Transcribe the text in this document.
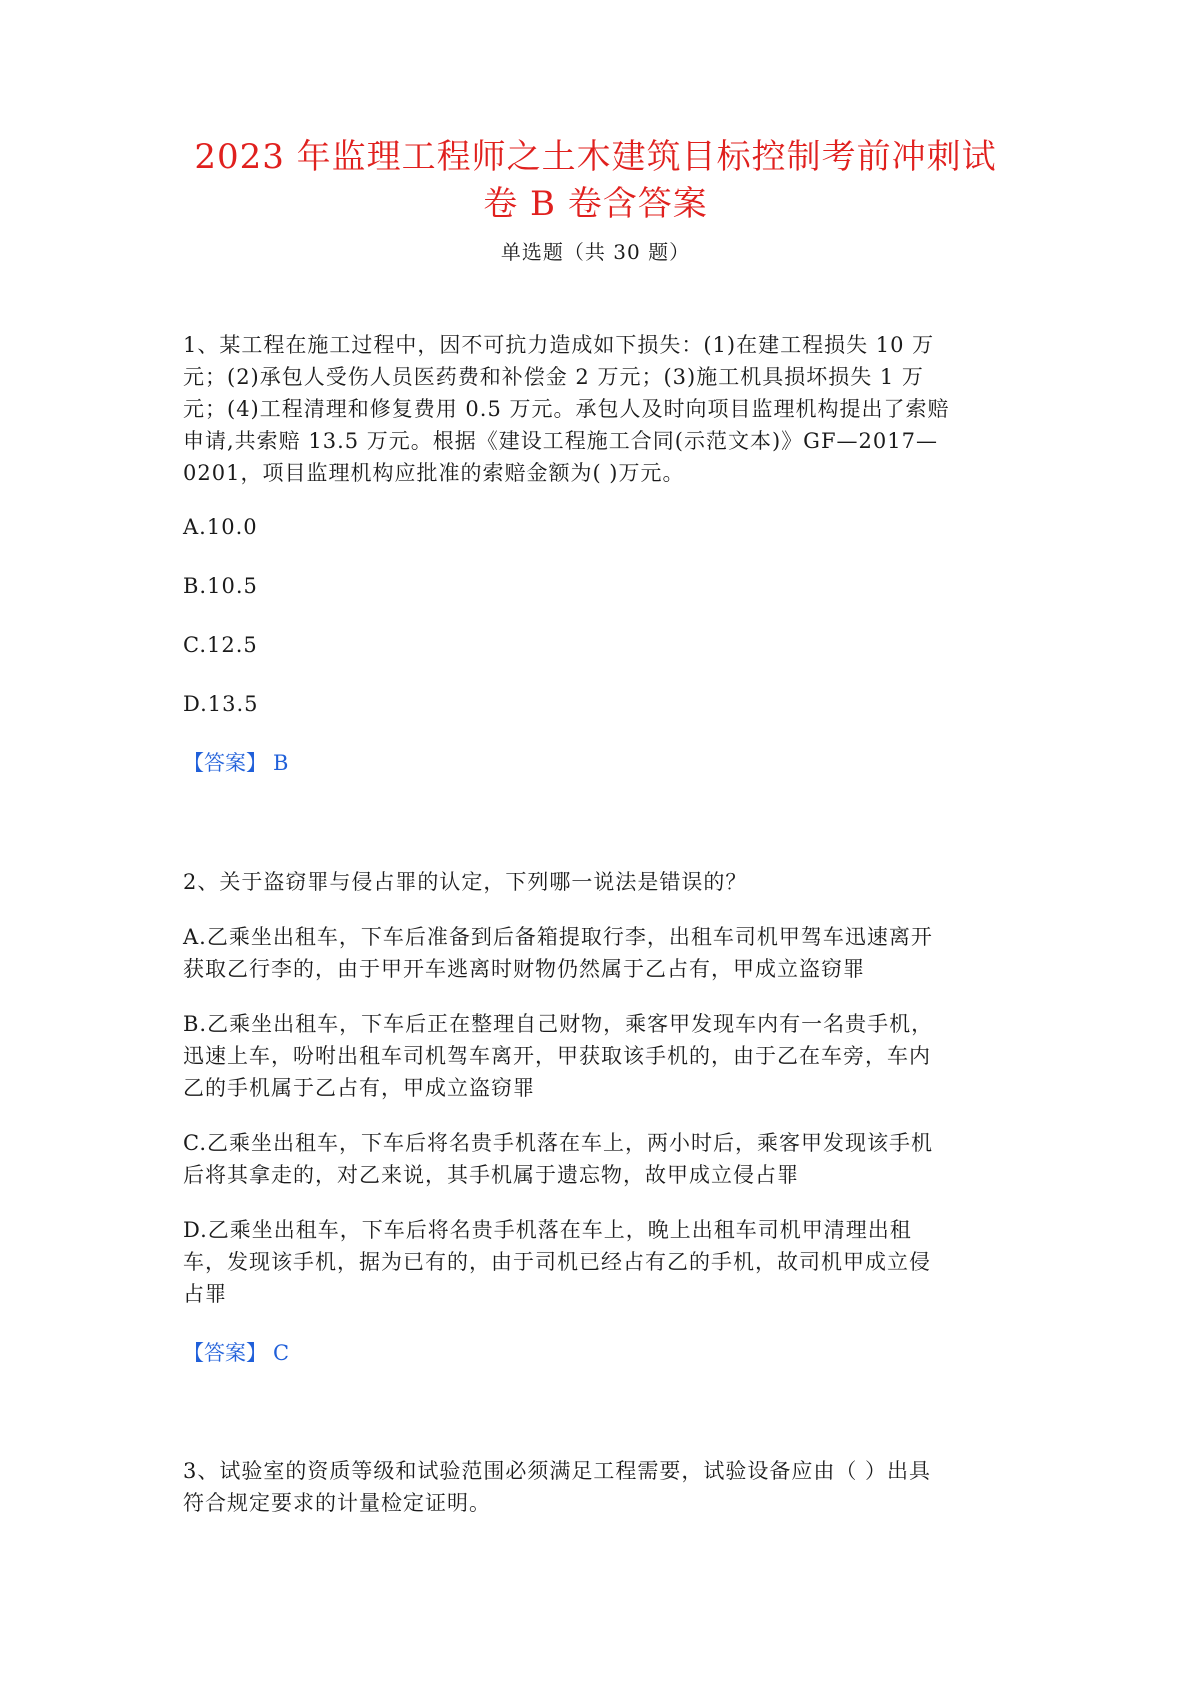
2023 年监理工程师之土木建筑目标控制考前冲刺试
卷 B 卷含答案
单选题（共 30 题）
1、某工程在施工过程中，因不可抗力造成如下损失：(1)在建工程损失 10 万
元；(2)承包人受伤人员医药费和补偿金 2 万元；(3)施工机具损坏损失 1 万
元；(4)工程清理和修复费用 0.5 万元。承包人及时向项目监理机构提出了索赔
申请,共索赔 13.5 万元。根据《建设工程施工合同(示范文本)》GF—2017—
0201，项目监理机构应批准的索赔金额为( )万元。
A.10.0
B.10.5
C.12.5
D.13.5
【答案】 B
2、关于盗窃罪与侵占罪的认定，下列哪一说法是错误的？
A.乙乘坐出租车，下车后准备到后备箱提取行李，出租车司机甲驾车迅速离开
获取乙行李的，由于甲开车逃离时财物仍然属于乙占有，甲成立盗窃罪
B.乙乘坐出租车，下车后正在整理自己财物，乘客甲发现车内有一名贵手机，
迅速上车，吩咐出租车司机驾车离开，甲获取该手机的，由于乙在车旁，车内
乙的手机属于乙占有，甲成立盗窃罪
C.乙乘坐出租车，下车后将名贵手机落在车上，两小时后，乘客甲发现该手机
后将其拿走的，对乙来说，其手机属于遗忘物，故甲成立侵占罪
D.乙乘坐出租车，下车后将名贵手机落在车上，晚上出租车司机甲清理出租
车，发现该手机，据为已有的，由于司机已经占有乙的手机，故司机甲成立侵
占罪
【答案】 C
3、试验室的资质等级和试验范围必须满足工程需要，试验设备应由（ ）出具
符合规定要求的计量检定证明。
